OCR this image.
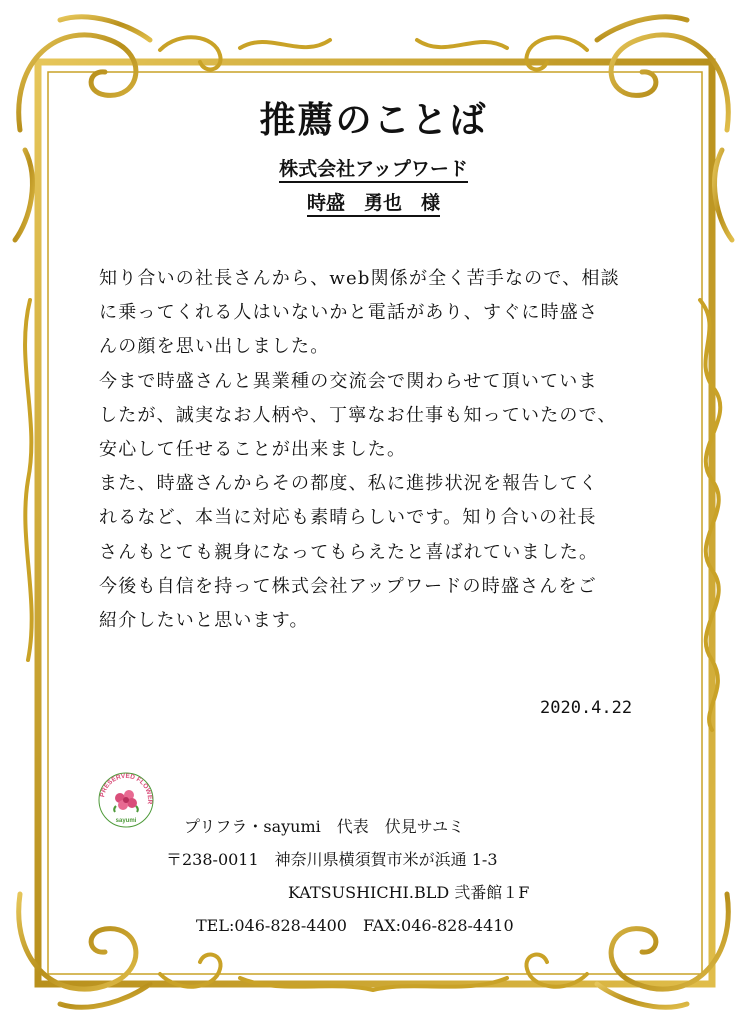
推薦のことば
株式会社アップワード
時盛　勇也　様
知り合いの社長さんから、web関係が全く苦手なので、相談
に乗ってくれる人はいないかと電話があり、すぐに時盛さ
んの顔を思い出しました。
今まで時盛さんと異業種の交流会で関わらせて頂いていま
したが、誠実なお人柄や、丁寧なお仕事も知っていたので、
安心して任せることが出来ました。
また、時盛さんからその都度、私に進捗状況を報告してく
れるなど、本当に対応も素晴らしいです。知り合いの社長
さんもとても親身になってもらえたと喜ばれていました。
今後も自信を持って株式会社アップワードの時盛さんをご
紹介したいと思います。
2020.4.22
PRESERVED FLOWER
sayumi	プリフラ・sayumi　代表　伏見サユミ
〒238-0011　神奈川県横須賀市米が浜通 1-3
KATSUSHICHI.BLD 弐番館１F
TEL:046-828-4400　FAX:046-828-4410
